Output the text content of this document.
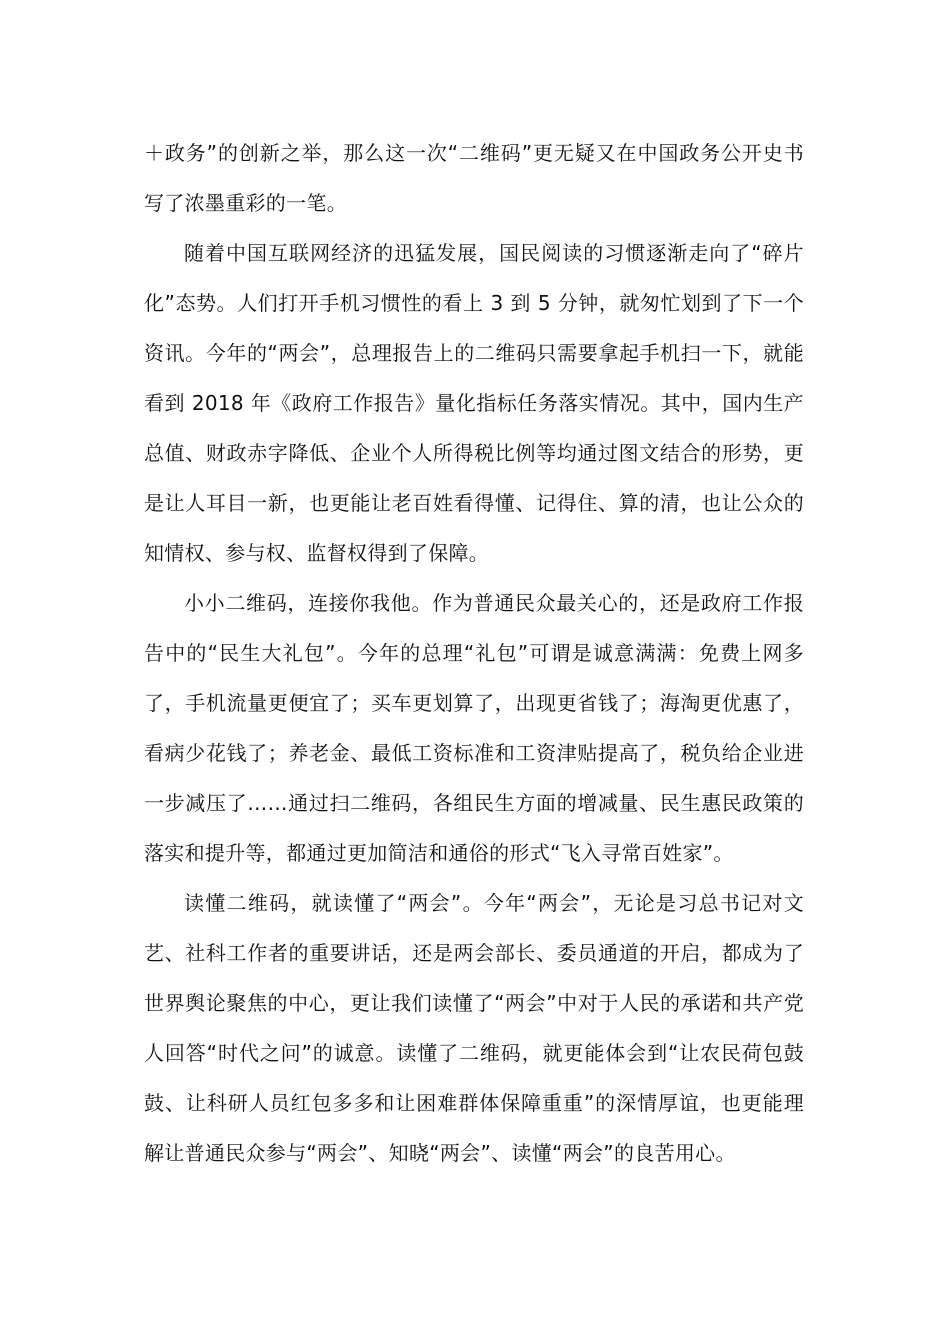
＋政务”的创新之举，那么这一次“二维码”更无疑又在中国政务公开史书写了浓墨重彩的一笔。

随着中国互联网经济的迅猛发展，国民阅读的习惯逐渐走向了“碎片化”态势。人们打开手机习惯性的看上 3 到 5 分钟，就匆忙划到了下一个资讯。今年的“两会”，总理报告上的二维码只需要拿起手机扫一下，就能看到 2018 年《政府工作报告》量化指标任务落实情况。其中，国内生产总值、财政赤字降低、企业个人所得税比例等均通过图文结合的形势，更是让人耳目一新，也更能让老百姓看得懂、记得住、算的清，也让公众的知情权、参与权、监督权得到了保障。

小小二维码，连接你我他。作为普通民众最关心的，还是政府工作报告中的“民生大礼包”。今年的总理“礼包”可谓是诚意满满：免费上网多了，手机流量更便宜了；买车更划算了，出现更省钱了；海淘更优惠了，看病少花钱了；养老金、最低工资标准和工资津贴提高了，税负给企业进一步减压了……通过扫二维码，各组民生方面的增减量、民生惠民政策的落实和提升等，都通过更加简洁和通俗的形式“飞入寻常百姓家”。

读懂二维码，就读懂了“两会”。今年“两会”，无论是习总书记对文艺、社科工作者的重要讲话，还是两会部长、委员通道的开启，都成为了世界舆论聚焦的中心，更让我们读懂了“两会”中对于人民的承诺和共产党人回答“时代之问”的诚意。读懂了二维码，就更能体会到“让农民荷包鼓鼓、让科研人员红包多多和让困难群体保障重重”的深情厚谊，也更能理解让普通民众参与“两会”、知晓“两会”、读懂“两会”的良苦用心。
